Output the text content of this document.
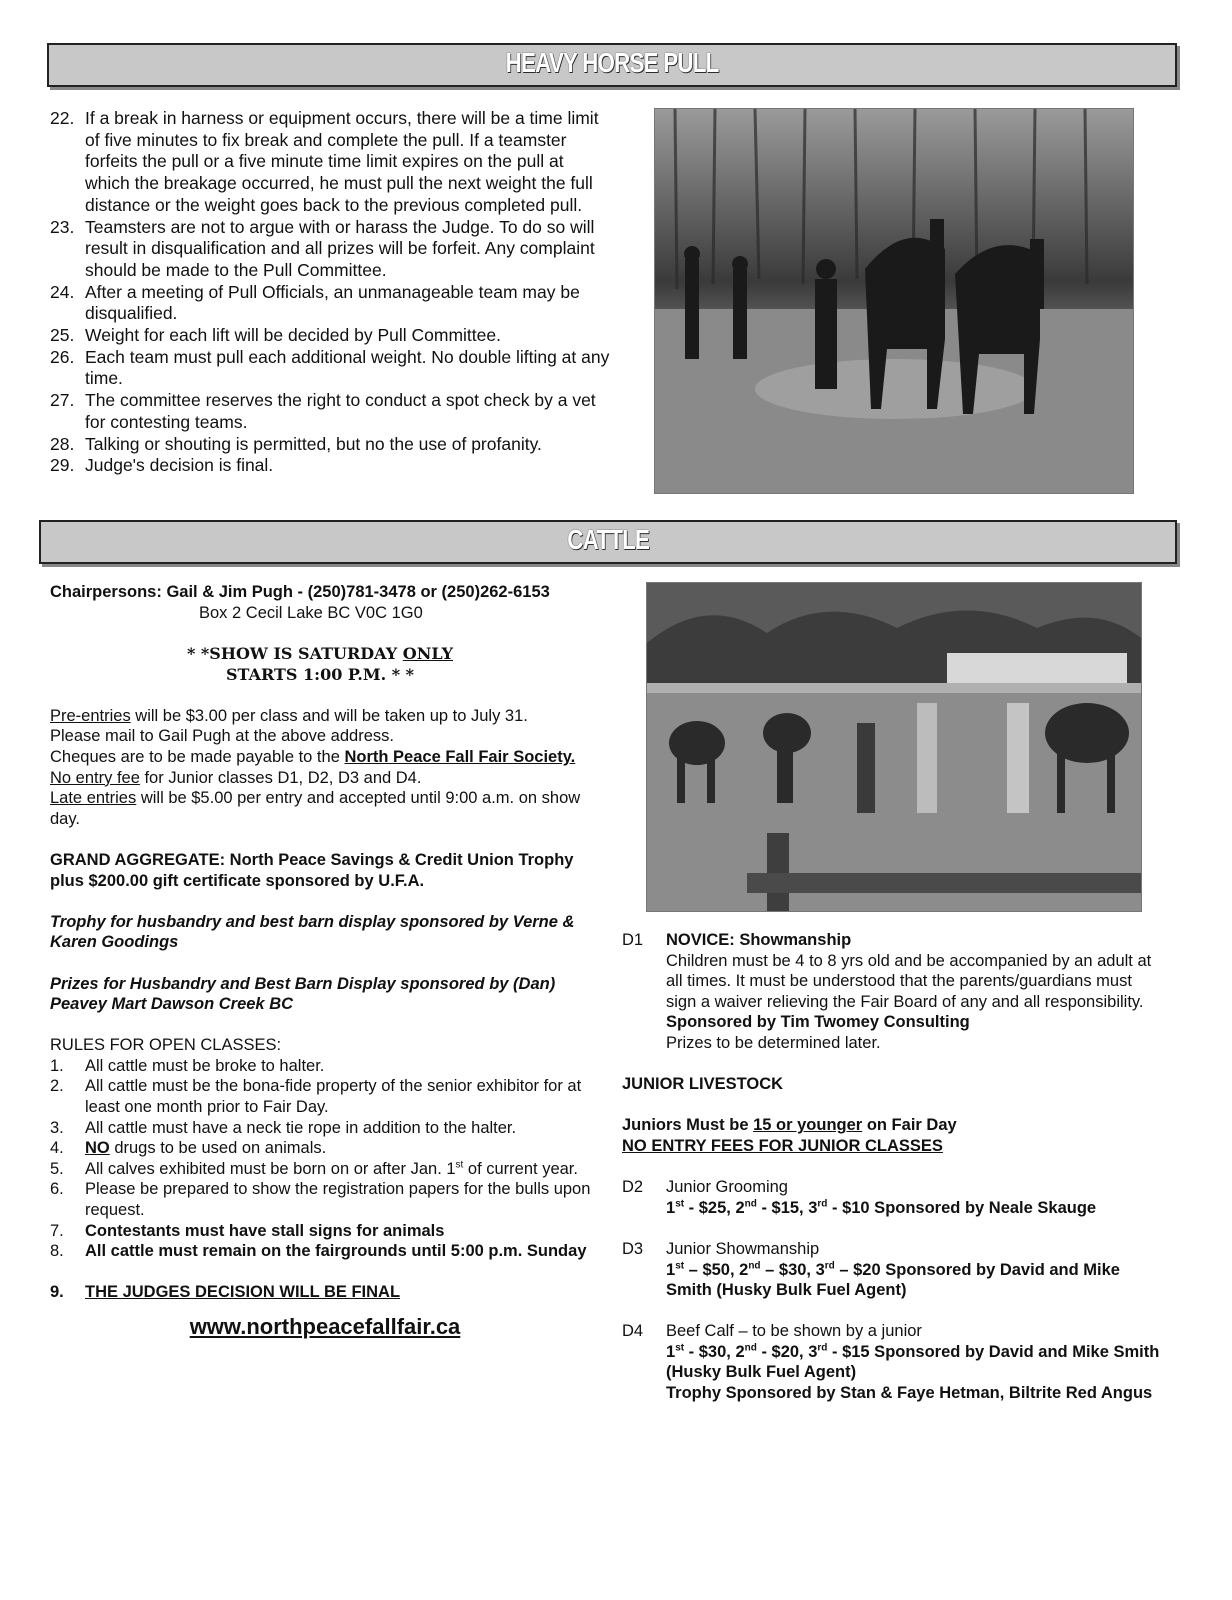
HEAVY HORSE PULL
22. If a break in harness or equipment occurs, there will be a time limit of five minutes to fix break and complete the pull. If a teamster forfeits the pull or a five minute time limit expires on the pull at which the breakage occurred, he must pull the next weight the full distance or the weight goes back to the previous completed pull.
23. Teamsters are not to argue with or harass the Judge. To do so will result in disqualification and all prizes will be forfeit. Any complaint should be made to the Pull Committee.
24. After a meeting of Pull Officials, an unmanageable team may be disqualified.
25. Weight for each lift will be decided by Pull Committee.
26. Each team must pull each additional weight. No double lifting at any time.
27. The committee reserves the right to conduct a spot check by a vet for contesting teams.
28. Talking or shouting is permitted, but no the use of profanity.
29. Judge's decision is final.
CATTLE

Chairpersons: Gail & Jim Pugh - (250)781-3478 or (250)262-6153

Box 2 Cecil Lake BC V0C 1G0

* *SHOW IS SATURDAY ONLY
STARTS 1:00 P.M. * *

Pre-entries will be $3.00 per class and will be taken up to July 31.

Please mail to Gail Pugh at the above address.

Cheques are to be made payable to the North Peace Fall Fair Society.

No entry fee for Junior classes D1, D2, D3 and D4.

Late entries will be $5.00 per entry and accepted until 9:00 a.m. on show day.

GRAND AGGREGATE: North Peace Savings & Credit Union Trophy plus $200.00 gift certificate sponsored by U.F.A.

Trophy for husbandry and best barn display sponsored by Verne & Karen Goodings

Prizes for Husbandry and Best Barn Display sponsored by (Dan) Peavey Mart Dawson Creek BC

RULES FOR OPEN CLASSES:

1. All cattle must be broke to halter.
2. All cattle must be the bona-fide property of the senior exhibitor for at least one month prior to Fair Day.
3. All cattle must have a neck tie rope in addition to the halter.
4. NO drugs to be used on animals.
5. All calves exhibited must be born on or after Jan. 1st of current year.
6. Please be prepared to show the registration papers for the bulls upon request.
7. Contestants must have stall signs for animals
8. All cattle must remain on the fairgrounds until 5:00 p.m. Sunday
9. THE JUDGES DECISION WILL BE FINAL
www.northpeacefallfair.ca
D1 NOVICE: Showmanship

Children must be 4 to 8 yrs old and be accompanied by an adult at all times. It must be understood that the parents/guardians must sign a waiver relieving the Fair Board of any and all responsibility.

Sponsored by Tim Twomey Consulting

Prizes to be determined later.

JUNIOR LIVESTOCK

Juniors Must be 15 or younger on Fair Day

NO ENTRY FEES FOR JUNIOR CLASSES

D2 Junior Grooming

1st - $25, 2nd - $15, 3rd - $10 Sponsored by Neale Skauge

D3 Junior Showmanship

1st – $50, 2nd – $30, 3rd – $20 Sponsored by David and Mike Smith (Husky Bulk Fuel Agent)

D4 Beef Calf – to be shown by a junior

1st - $30, 2nd - $20, 3rd - $15 Sponsored by David and Mike Smith (Husky Bulk Fuel Agent)

Trophy Sponsored by Stan & Faye Hetman, Biltrite Red Angus
